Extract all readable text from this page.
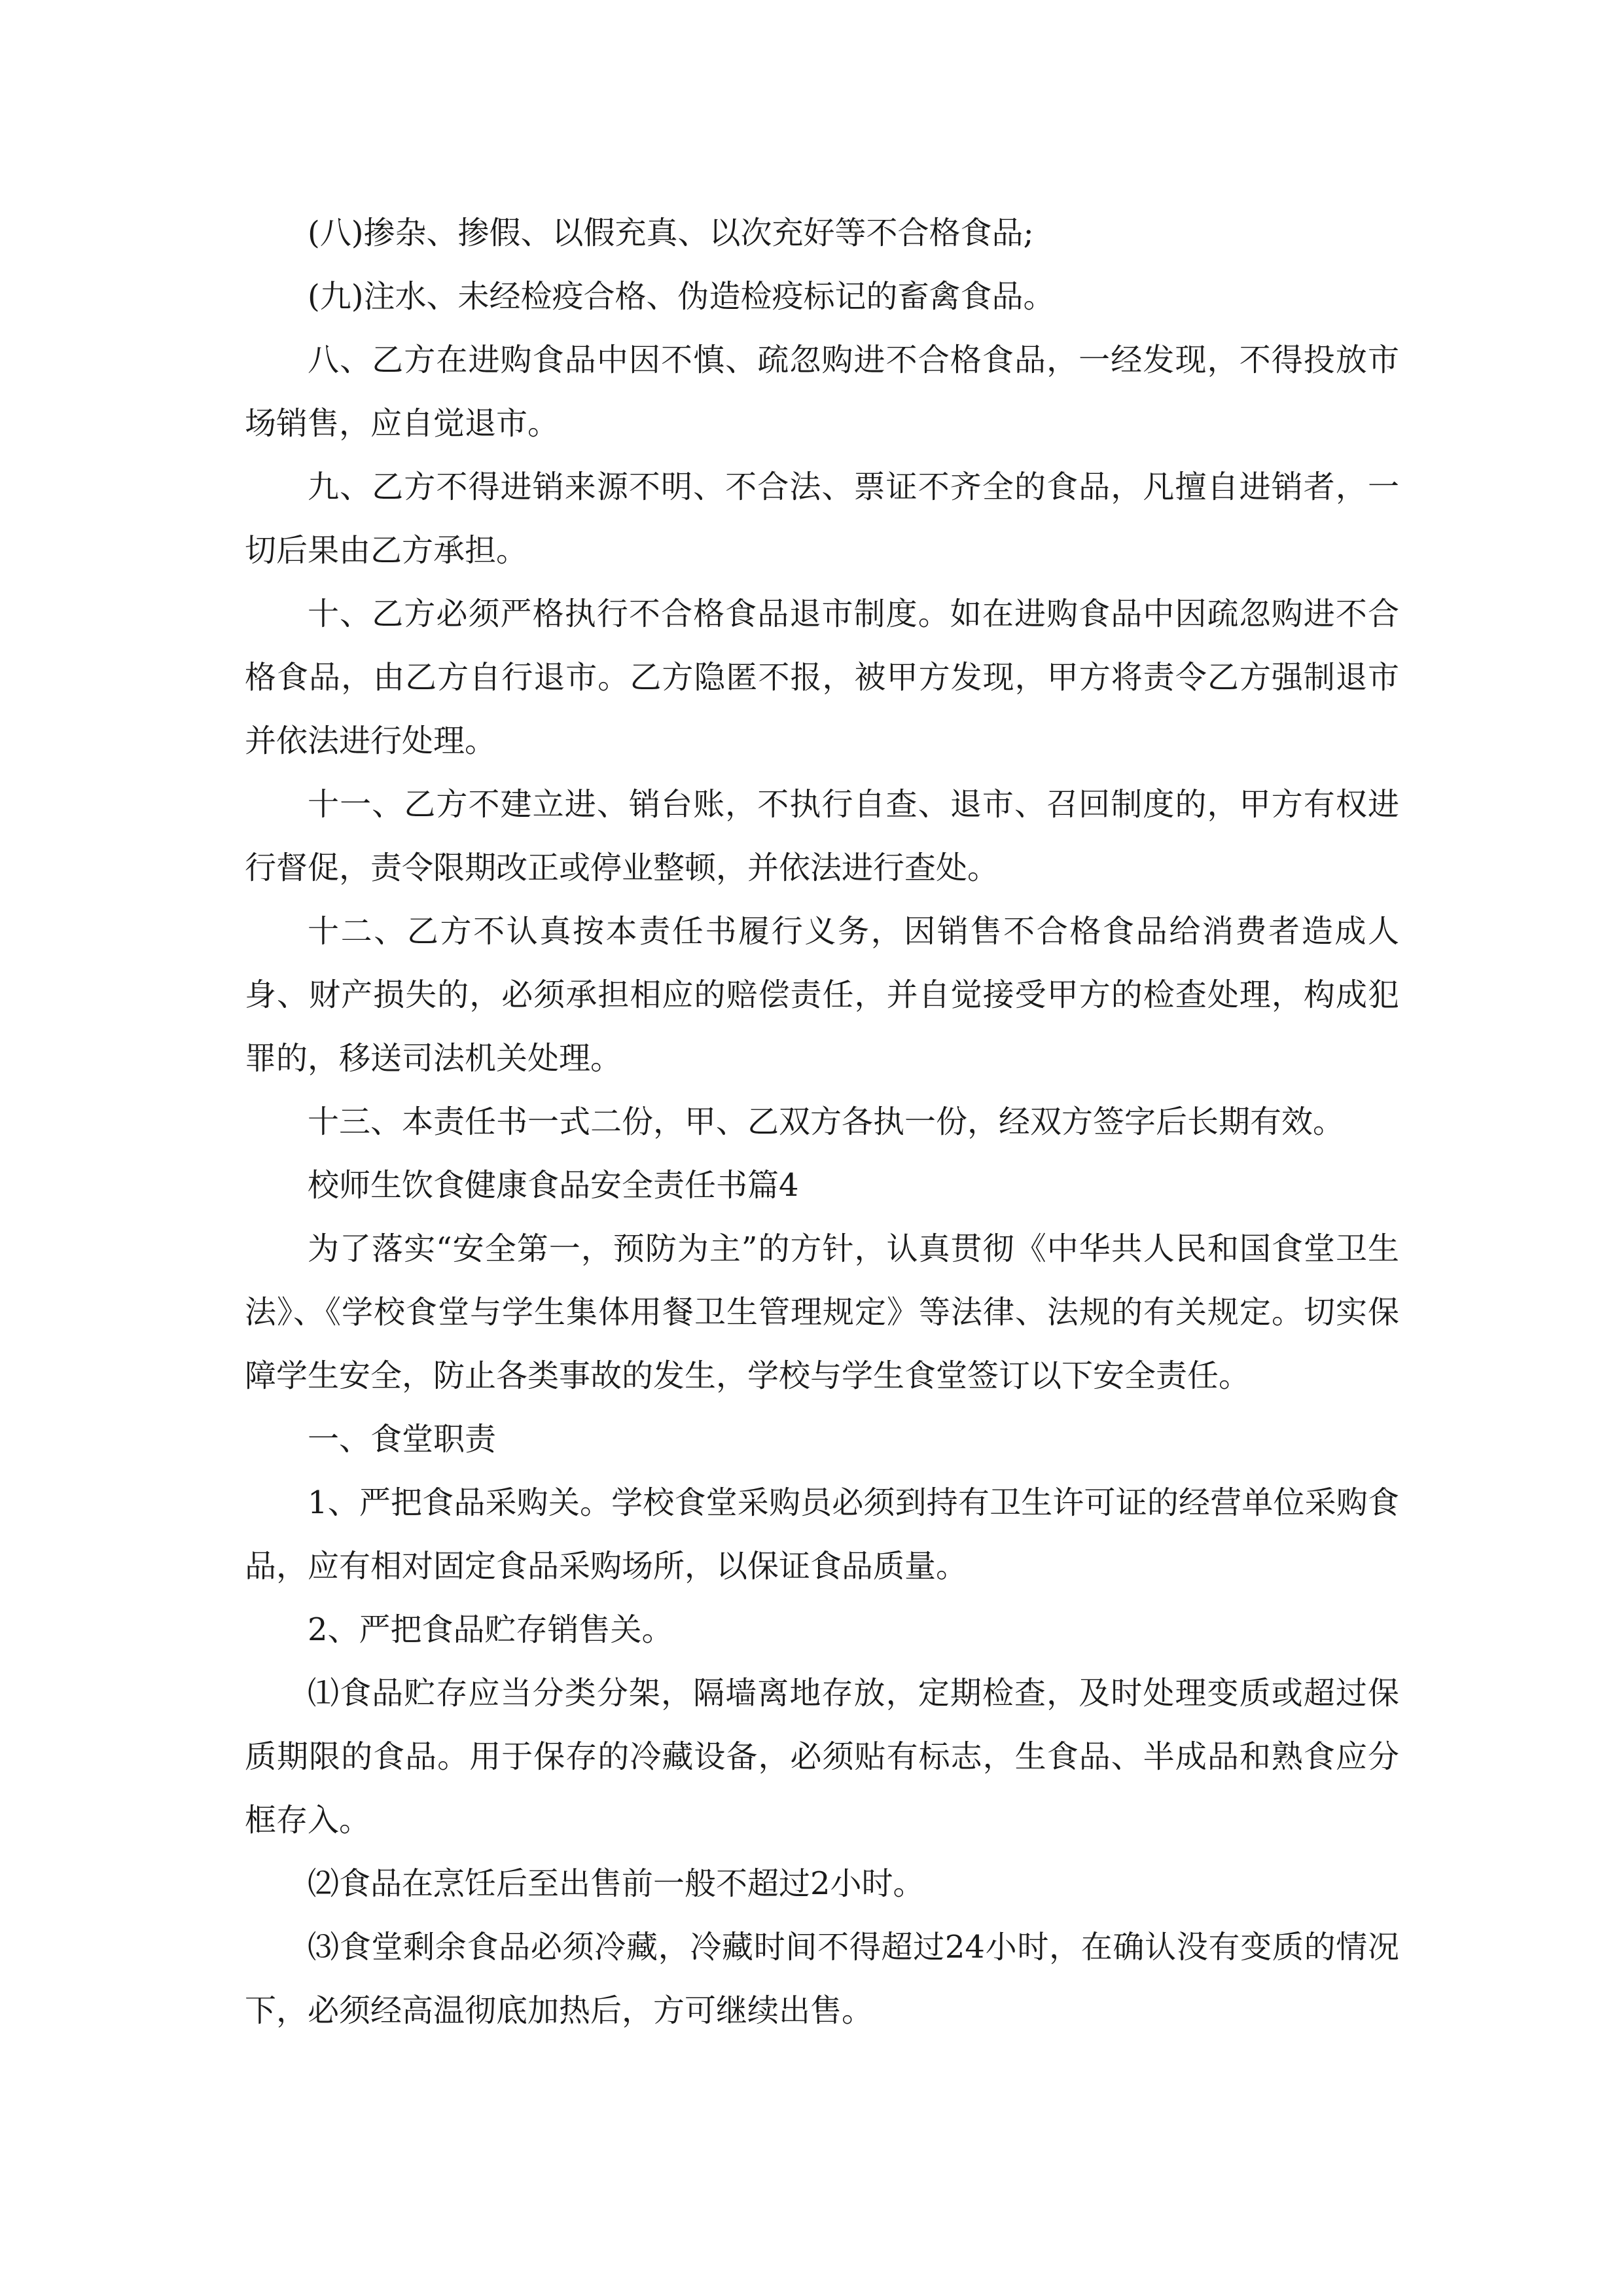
(八)掺杂、掺假、以假充真、以次充好等不合格食品;

(九)注水、未经检疫合格、伪造检疫标记的畜禽食品。

八、乙方在进购食品中因不慎、疏忽购进不合格食品，一经发现，不得投放市场销售，应自觉退市。

九、乙方不得进销来源不明、不合法、票证不齐全的食品，凡擅自进销者，一切后果由乙方承担。

十、乙方必须严格执行不合格食品退市制度。如在进购食品中因疏忽购进不合格食品，由乙方自行退市。乙方隐匿不报，被甲方发现，甲方将责令乙方强制退市并依法进行处理。

十一、乙方不建立进、销台账，不执行自查、退市、召回制度的，甲方有权进行督促，责令限期改正或停业整顿，并依法进行查处。

十二、乙方不认真按本责任书履行义务，因销售不合格食品给消费者造成人身、财产损失的，必须承担相应的赔偿责任，并自觉接受甲方的检查处理，构成犯罪的，移送司法机关处理。

十三、本责任书一式二份，甲、乙双方各执一份，经双方签字后长期有效。

校师生饮食健康食品安全责任书篇4

为了落实“安全第一，预防为主”的方针，认真贯彻《中华共人民和国食堂卫生法》、《学校食堂与学生集体用餐卫生管理规定》等法律、法规的有关规定。切实保障学生安全，防止各类事故的发生，学校与学生食堂签订以下安全责任。

一、食堂职责

1、严把食品采购关。学校食堂采购员必须到持有卫生许可证的经营单位采购食品，应有相对固定食品采购场所，以保证食品质量。

2、严把食品贮存销售关。

⑴食品贮存应当分类分架，隔墙离地存放，定期检查，及时处理变质或超过保质期限的食品。用于保存的冷藏设备，必须贴有标志，生食品、半成品和熟食应分框存入。

⑵食品在烹饪后至出售前一般不超过2小时。

⑶食堂剩余食品必须冷藏，冷藏时间不得超过24小时，在确认没有变质的情况下，必须经高温彻底加热后，方可继续出售。
